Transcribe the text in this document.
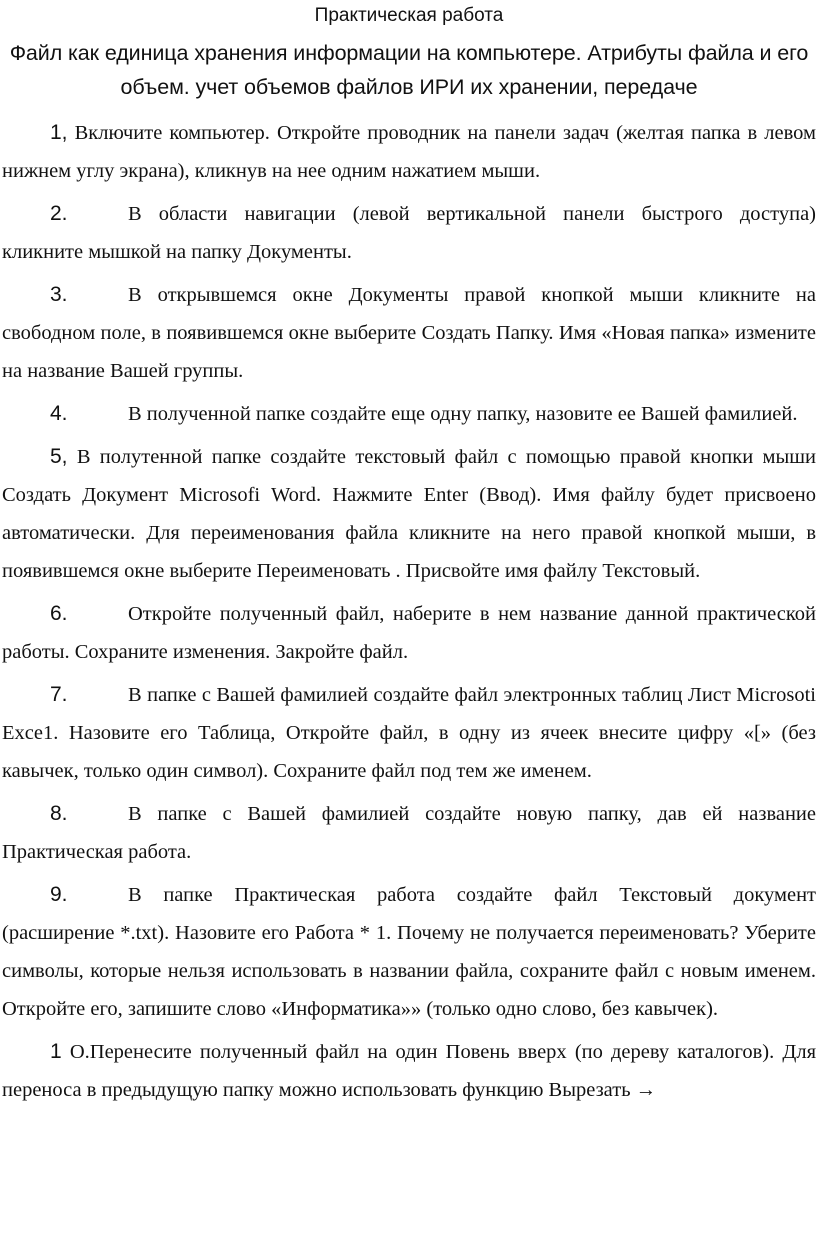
Практическая работа
Файл как единица хранения информации на компьютере. Атрибуты файла и его объем. учет объемов файлов ИРИ их хранении, передаче

1, Включите компьютер. Откройте проводник на панели задач (желтая папка в левом нижнем углу экрана), кликнув на нее одним нажатием мыши.

2.	В области навигации (левой вертикальной панели быстрого доступа) кликните мышкой на папку Документы.

3.	В открывшемся окне Документы правой кнопкой мыши кликните на свободном поле, в появившемся окне выберите Создать Папку. Имя «Новая папка» измените на название Вашей группы.

4.	В полученной папке создайте еще одну папку, назовите ее Вашей фамилией.

5, В полутенной папке создайте текстовый файл с помощью правой кнопки мыши Создать Документ Microsofi Word. Нажмите Enter (Ввод). Имя файлу будет присвоено автоматически. Для переименования файла кликните на него правой кнопкой мыши, в появившемся окне выберите Переименовать . Присвойте имя файлу Текстовый.

6.	Откройте полученный файл, наберите в нем название данной практической работы. Сохраните изменения. Закройте файл.

7.	В папке с Вашей фамилией создайте файл электронных таблиц Лист Microsoti Excе1. Назовите его Таблица, Откройте файл, в одну из ячеек внесите цифру «[» (без кавычек, только один символ). Сохраните файл под тем же именем.

8.	В папке с Вашей фамилией создайте новую папку, дав ей название Практическая работа.

9.	В папке Практическая работа создайте файл Текстовый документ (расширение *.txt). Назовите его Работа * 1. Почему не получается переименовать? Уберите символы, которые нельзя использовать в названии файла, сохраните файл с новым именем. Откройте его, запишите слово «Информатика»» (только одно слово, без кавычек).

1 О.Перенесите полученный файл на один Повень вверх (по дереву каталогов). Для переноса в предыдущую папку можно использовать функцию Вырезать →
